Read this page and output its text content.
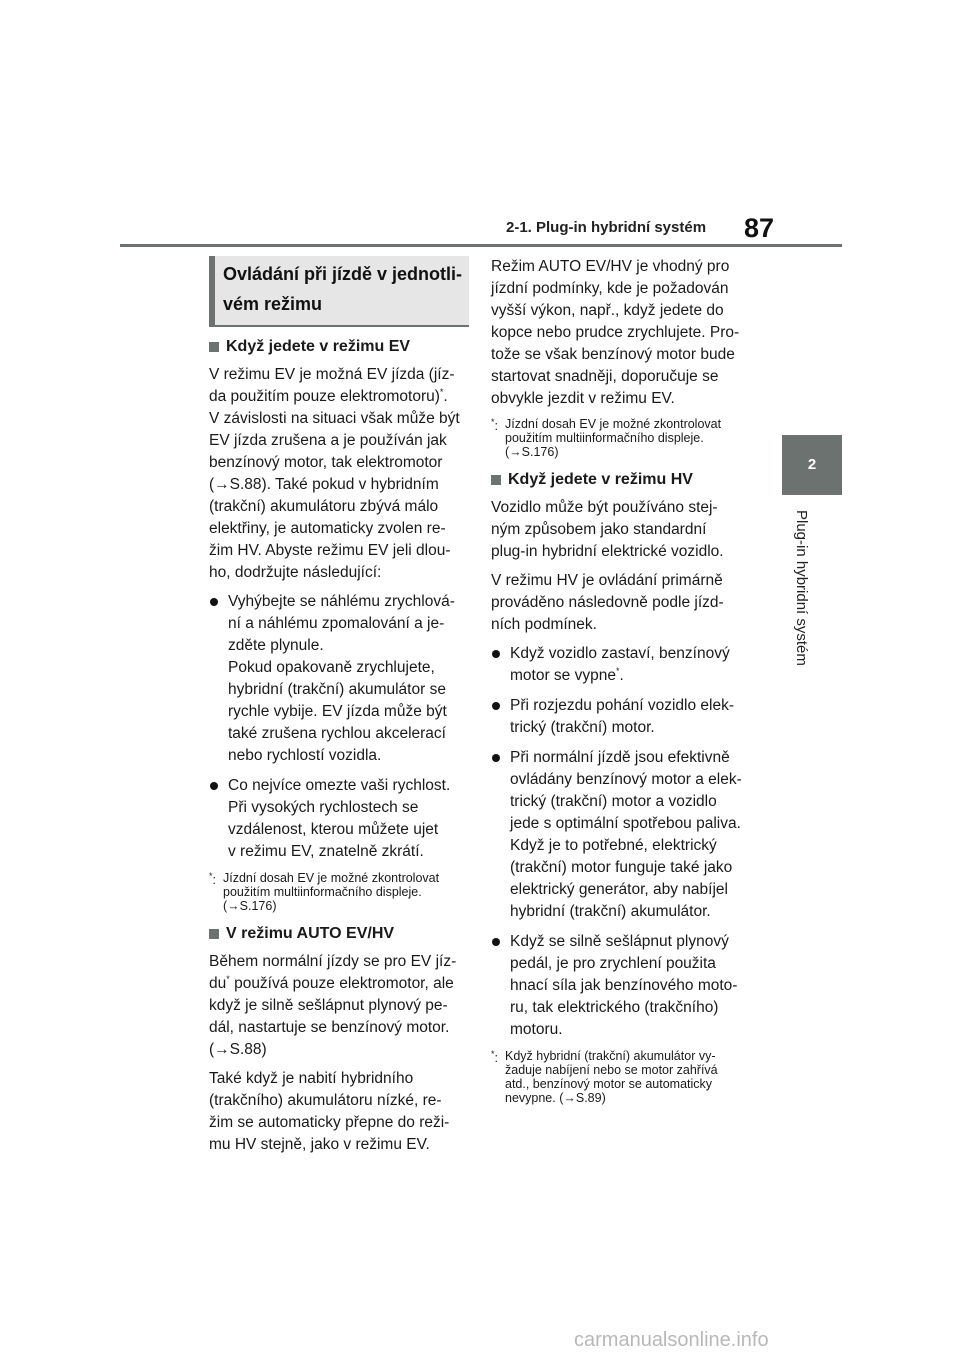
2-1. Plug-in hybridní systém 87
2
Plug-in hybridní systém
Ovládání při jízdě v jednotli-
vém režimu
Když jedete v režimu EV
V režimu EV je možná EV jízda (jíz-
da použitím pouze elektromotoru)*.
V závislosti na situaci však může být
EV jízda zrušena a je používán jak
benzínový motor, tak elektromotor
(→S.88). Také pokud v hybridním
(trakční) akumulátoru zbývá málo
elektřiny, je automaticky zvolen re-
žim HV. Abyste režimu EV jeli dlou-
ho, dodržujte následující:
Vyhýbejte se náhlému zrychlová-
ní a náhlému zpomalování a je-
zděte plynule.
Pokud opakovaně zrychlujete,
hybridní (trakční) akumulátor se
rychle vybije. EV jízda může být
také zrušena rychlou akcelerací
nebo rychlostí vozidla.
Co nejvíce omezte vaši rychlost.
Při vysokých rychlostech se
vzdálenost, kterou můžete ujet
v režimu EV, znatelně zkrátí.
*: Jízdní dosah EV je možné zkontrolovat
použitím multiinformačního displeje.
(→S.176)
V režimu AUTO EV/HV
Během normální jízdy se pro EV jíz-
du* používá pouze elektromotor, ale
když je silně sešlápnut plynový pe-
dál, nastartuje se benzínový motor.
(→S.88)
Také když je nabití hybridního
(trakčního) akumulátoru nízké, re-
žim se automaticky přepne do reži-
mu HV stejně, jako v režimu EV.
Režim AUTO EV/HV je vhodný pro
jízdní podmínky, kde je požadován
vyšší výkon, např., když jedete do
kopce nebo prudce zrychlujete. Pro-
tože se však benzínový motor bude
startovat snadněji, doporučuje se
obvykle jezdit v režimu EV.
*: Jízdní dosah EV je možné zkontrolovat
použitím multiinformačního displeje.
(→S.176)
Když jedete v režimu HV
Vozidlo může být používáno stej-
ným způsobem jako standardní
plug-in hybridní elektrické vozidlo.
V režimu HV je ovládání primárně
prováděno následovně podle jízd-
ních podmínek.
Když vozidlo zastaví, benzínový
motor se vypne*.
Při rozjezdu pohání vozidlo elek-
trický (trakční) motor.
Při normální jízdě jsou efektivně
ovládány benzínový motor a elek-
trický (trakční) motor a vozidlo
jede s optimální spotřebou paliva.
Když je to potřebné, elektrický
(trakční) motor funguje také jako
elektrický generátor, aby nabíjel
hybridní (trakční) akumulátor.
Když se silně sešlápnut plynový
pedál, je pro zrychlení použita
hnací síla jak benzínového moto-
ru, tak elektrického (trakčního)
motoru.
*: Když hybridní (trakční) akumulátor vy-
žaduje nabíjení nebo se motor zahřívá
atd., benzínový motor se automaticky
nevypne. (→S.89)
carmanualsonline.info
